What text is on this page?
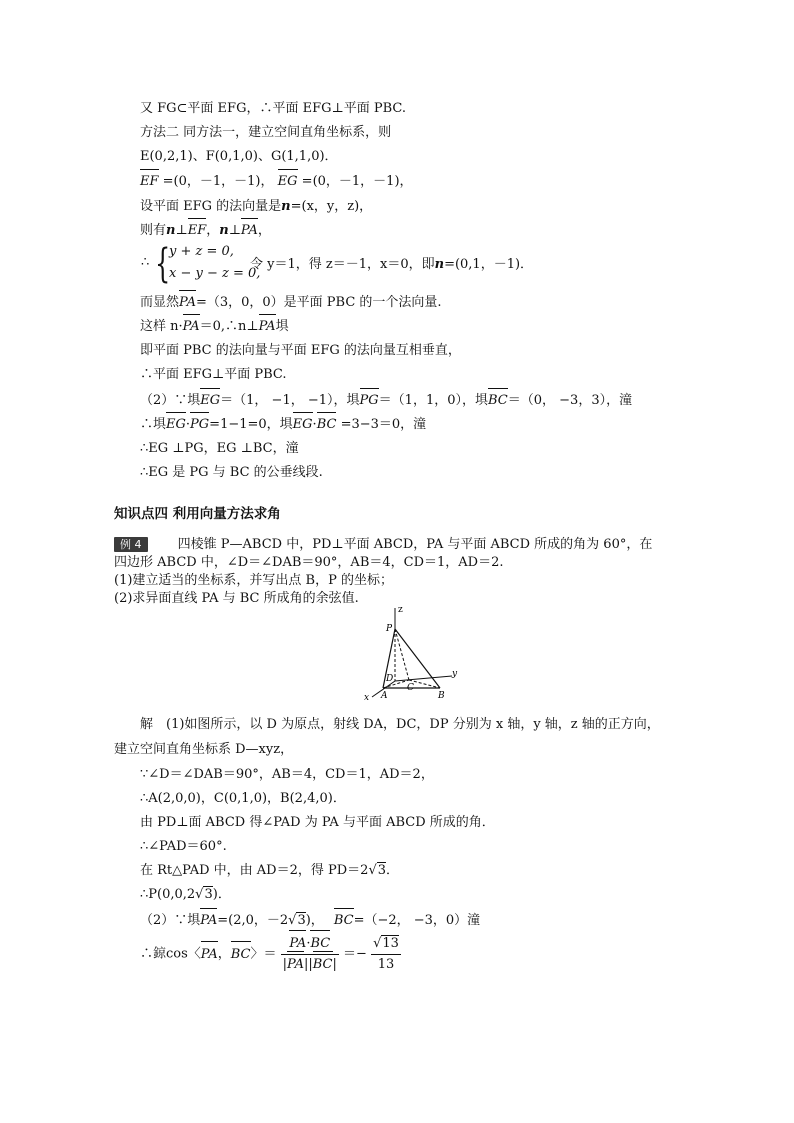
又 FG⊂平面 EFG，∴平面 EFG⊥平面 PBC.
方法二 同方法一，建立空间直角坐标系，则
E(0,2,1)、F(0,1,0)、G(1,1,0)．
EF =(0，－1，－1)， EG =(0，－1，－1)，
设平面 EFG 的法向量是n=(x，y，z)，
则有n⊥EF，n⊥PA，
∴ {
y + z = 0,
x − y − z = 0,
令 y＝1，得 z＝－1，x＝0，即n=(0,1，－1)．
而显然PA=（3，0，0）是平面 PBC 的一个法向量.
这样 n·PA＝0,∴n⊥PA埧
即平面 PBC 的法向量与平面 EFG 的法向量互相垂直，
∴平面 EFG⊥平面 PBC.
（2）∵埧EG＝（1， −1， −1），埧PG＝（1，1，0），埧BC＝（0， −3，3），潼
∴埧EG·PG=1−1=0，埧EG·BC =3−3＝0，潼
∴EG ⊥PG，EG ⊥BC，潼
∴EG 是 PG 与 BC 的公垂线段.
知识点四 利用向量方法求角
例 4	四棱锥 P—ABCD 中，PD⊥平面 ABCD，PA 与平面 ABCD 所成的角为 60°，在
四边形 ABCD 中，∠D＝∠DAB＝90°，AB＝4，CD＝1，AD＝2.
(1)建立适当的坐标系，并写出点 B，P 的坐标；
(2)求异面直线 PA 与 BC 所成角的余弦值.
z
P
y
D
C
A	B
x
解　(1)如图所示，以 D 为原点，射线 DA，DC，DP 分别为 x 轴，y 轴，z 轴的正方向，
建立空间直角坐标系 D—xyz，
∵∠D＝∠DAB＝90°，AB＝4，CD＝1，AD＝2，
∴A(2,0,0)，C(0,1,0)，B(2,4,0)．
由 PD⊥面 ABCD 得∠PAD 为 PA 与平面 ABCD 所成的角．
∴∠PAD＝60°.
在 Rt△PAD 中，由 AD＝2，得 PD＝2√3．
∴P(0,0,2√3)．
（2）∵埧PA=(2,0，－2√3)， BC=（−2， −3，0）潼
∴鍄cos〈PA，BC〉＝ $\frac{PA\cdot BC}{|PA||BC|} =- \frac{√13}{13}$
